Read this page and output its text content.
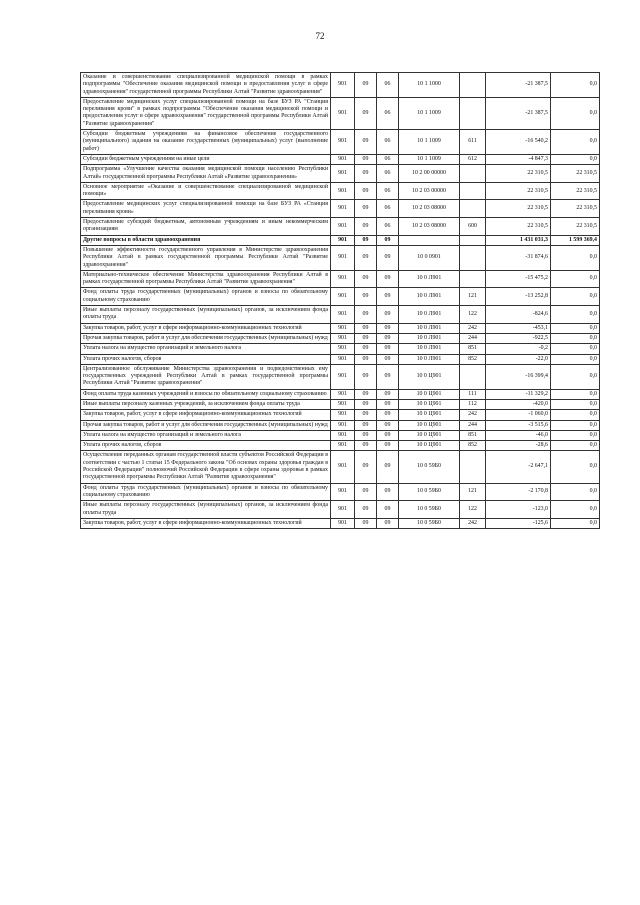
72
Оказание и совершенствование специализированной медицинской помощи в рамках подпрограммы "Обеспечение оказания медицинской помощи и предоставления услуг в сфере здравоохранения" государственной программы Республики Алтай "Развитие здравоохранения"	901	09	06	10 1 1000		-21 387,5	0,0
Предоставление медицинских услуг специализированной помощи на базе БУЗ РА "Станция переливания крови" в рамках подпрограммы "Обеспечение оказания медицинской помощи и предоставления услуг в сфере здравоохранения" государственной программы Республики Алтай "Развитие здравоохранения"	901	09	06	10 1 1009		-21 387,5	0,0
Субсидии бюджетным учреждениям на финансовое обеспечение государственного (муниципального) задания на оказание государственных (муниципальных) услуг (выполнение работ)	901	09	06	10 1 1009	611	-16 540,2	0,0
Субсидии бюджетным учреждениям на иные цели	901	09	06	10 1 1009	612	-4 847,3	0,0
Подпрограмма «Улучшение качества оказания медицинской помощи населению Республики Алтай» государственной программы Республики Алтай «Развитие здравоохранения»	901	09	06	10 2 00 00000		22 310,5	22 310,5
Основное мероприятие «Оказание и совершенствование специализированной медицинской помощи»	901	09	06	10 2 03 00000		22 310,5	22 310,5
Предоставление медицинских услуг специализированной помощи на базе БУЗ РА «Станция переливания крови»	901	09	06	10 2 03 08000		22 310,5	22 310,5
Предоставление субсидий бюджетным, автономным учреждениям и иным некоммерческим организациям	901	09	06	10 2 03 08000	600	22 310,5	22 310,5
Другие вопросы в области здравоохранения	901	09	09			1 431 031,3	1 599 369,4
Повышение эффективности государственного управления в Министерстве здравоохранения Республики Алтай в рамках государственной программы Республики Алтай "Развитие здравоохранения"	901	09	09	10 0 0901		-31 874,6	0,0
Материально-техническое обеспечение Министерства здравоохранения Республики Алтай в рамках государственной программы Республики Алтай "Развитие здравоохранения"	901	09	09	10 0 Л901		-15 475,2	0,0
Фонд оплаты труда государственных (муниципальных) органов и взносы по обязательному социальному страхованию	901	09	09	10 0 Л901	121	-13 252,8	0,0
Иные выплаты персоналу государственных (муниципальных) органов, за исключением фонда оплаты труда	901	09	09	10 0 Л901	122	-824,6	0,0
Закупка товаров, работ, услуг в сфере информационно-коммуникационных технологий	901	09	09	10 0 Л901	242	-453,1	0,0
Прочая закупка товаров, работ и услуг для обеспечения государственных (муниципальных) нужд	901	09	09	10 0 Л901	244	-922,5	0,0
Уплата налога на имущество организаций и земельного налога	901	09	09	10 0 Л901	851	-0,2	0,0
Уплата прочих налогов, сборов	901	09	09	10 0 Л901	852	-22,0	0,0
Централизованное обслуживание Министерства здравоохранения и подведомственных ему государственных учреждений Республики Алтай в рамках государственной программы Республики Алтай "Развитие здравоохранения"	901	09	09	10 0 Ц901		-16 399,4	0,0
Фонд оплаты труда казенных учреждений и взносы по обязательному социальному страхованию	901	09	09	10 0 Ц901	111	-11 329,2	0,0
Иные выплаты персоналу казенных учреждений, за исключением фонда оплаты труда	901	09	09	10 0 Ц901	112	-420,0	0,0
Закупка товаров, работ, услуг в сфере информационно-коммуникационных технологий	901	09	09	10 0 Ц901	242	-1 060,0	0,0
Прочая закупка товаров, работ и услуг для обеспечения государственных (муниципальных) нужд	901	09	09	10 0 Ц901	244	-3 515,6	0,0
Уплата налога на имущество организаций и земельного налога	901	09	09	10 0 Ц901	851	-46,0	0,0
Уплата прочих налогов, сборов	901	09	09	10 0 Ц901	852	-28,6	0,0
Осуществление переданных органам государственной власти субъектов Российской Федерации в соответствии с частью 1 статьи 15 Федерального закона "Об основах охраны здоровья граждан в Российской Федерации" полномочий Российской Федерации в сфере охраны здоровья в рамках государственной программы Республики Алтай "Развитие здравоохранения"	901	09	09	10 0 59Б0		-2 647,1	0,0
Фонд оплаты труда государственных (муниципальных) органов и взносы по обязательному социальному страхованию	901	09	09	10 0 59Б0	121	-2 170,8	0,0
Иные выплаты персоналу государственных (муниципальных) органов, за исключением фонда оплаты труда	901	09	09	10 0 59Б0	122	-123,0	0,0
Закупка товаров, работ, услуг в сфере информационно-коммуникационных технологий	901	09	09	10 0 59Б0	242	-125,6	0,0
